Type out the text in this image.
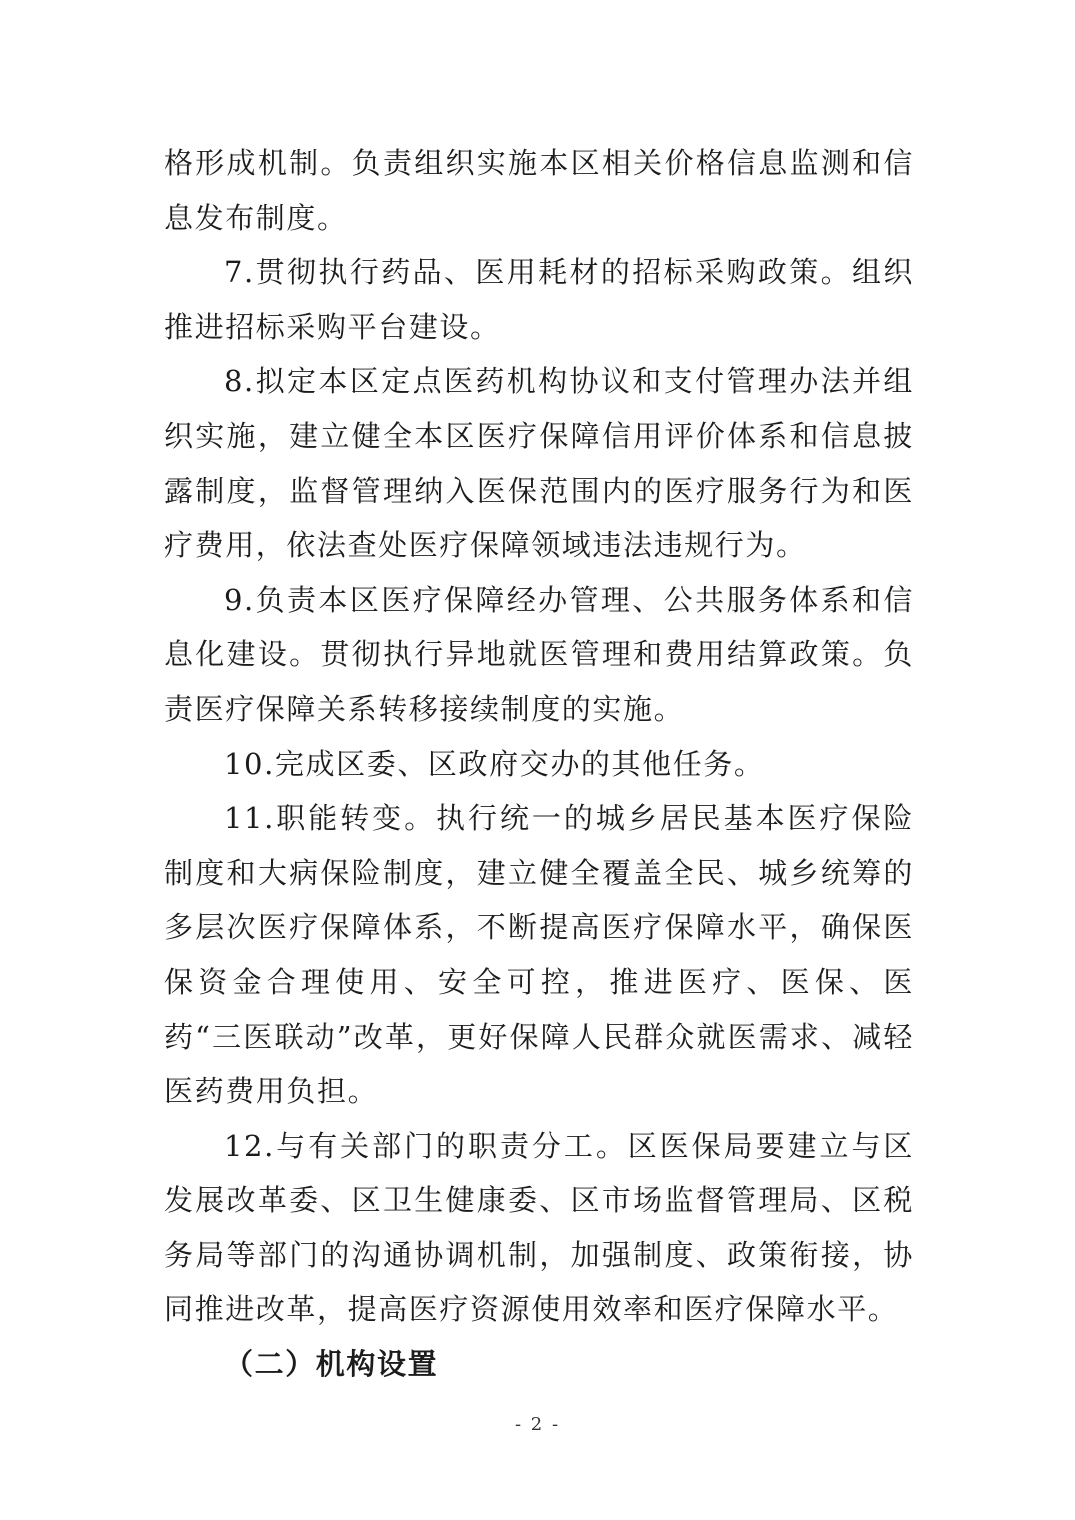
格形成机制。负责组织实施本区相关价格信息监测和信息发布制度。

7.贯彻执行药品、医用耗材的招标采购政策。组织推进招标采购平台建设。

8.拟定本区定点医药机构协议和支付管理办法并组织实施，建立健全本区医疗保障信用评价体系和信息披露制度，监督管理纳入医保范围内的医疗服务行为和医疗费用，依法查处医疗保障领域违法违规行为。

9.负责本区医疗保障经办管理、公共服务体系和信息化建设。贯彻执行异地就医管理和费用结算政策。负责医疗保障关系转移接续制度的实施。

10.完成区委、区政府交办的其他任务。

11.职能转变。执行统一的城乡居民基本医疗保险制度和大病保险制度，建立健全覆盖全民、城乡统筹的多层次医疗保障体系，不断提高医疗保障水平，确保医保资金合理使用、安全可控，推进医疗、医保、医药“三医联动”改革，更好保障人民群众就医需求、减轻医药费用负担。

12.与有关部门的职责分工。区医保局要建立与区发展改革委、区卫生健康委、区市场监督管理局、区税务局等部门的沟通协调机制，加强制度、政策衔接，协同推进改革，提高医疗资源使用效率和医疗保障水平。

（二）机构设置

- 2 -
